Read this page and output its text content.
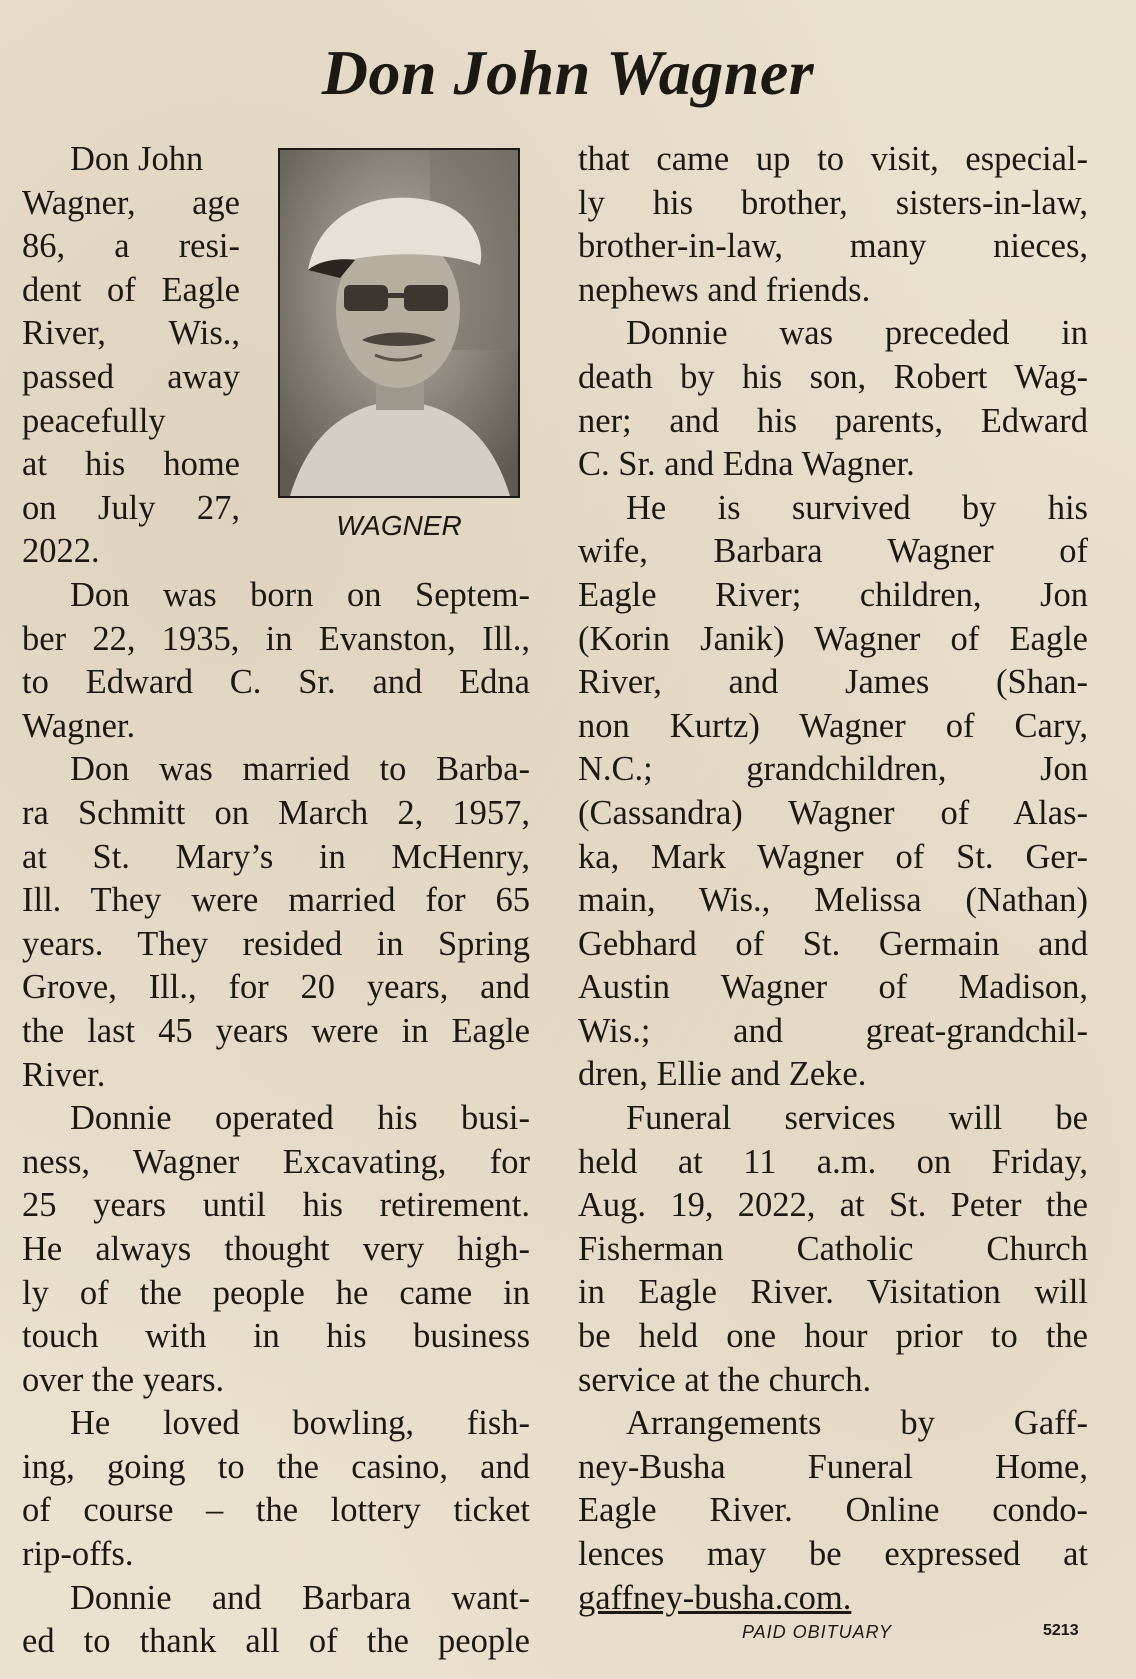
Don John Wagner
Don John
Wagner, age
86, a resi-
dent of Eagle
River, Wis.,
passed away
peacefully
at his home
on July 27,
2022.
WAGNER
Don was born on Septem-
ber 22, 1935, in Evanston, Ill.,
to Edward C. Sr. and Edna
Wagner.
Don was married to Barba-
ra Schmitt on March 2, 1957,
at St. Mary’s in McHenry,
Ill. They were married for 65
years. They resided in Spring
Grove, Ill., for 20 years, and
the last 45 years were in Eagle
River.
Donnie operated his busi-
ness, Wagner Excavating, for
25 years until his retirement.
He always thought very high-
ly of the people he came in
touch with in his business
over the years.
He loved bowling, fish-
ing, going to the casino, and
of course – the lottery ticket
rip-offs.
Donnie and Barbara want-
ed to thank all of the people
that came up to visit, especial-
ly his brother, sisters-in-law,
brother-in-law, many nieces,
nephews and friends.
Donnie was preceded in
death by his son, Robert Wag-
ner; and his parents, Edward
C. Sr. and Edna Wagner.
He is survived by his
wife, Barbara Wagner of
Eagle River; children, Jon
(Korin Janik) Wagner of Eagle
River, and James (Shan-
non Kurtz) Wagner of Cary,
N.C.; grandchildren, Jon
(Cassandra) Wagner of Alas-
ka, Mark Wagner of St. Ger-
main, Wis., Melissa (Nathan)
Gebhard of St. Germain and
Austin Wagner of Madison,
Wis.; and great-grandchil-
dren, Ellie and Zeke.
Funeral services will be
held at 11 a.m. on Friday,
Aug. 19, 2022, at St. Peter the
Fisherman Catholic Church
in Eagle River. Visitation will
be held one hour prior to the
service at the church.
Arrangements by Gaff-
ney-Busha Funeral Home,
Eagle River. Online condo-
lences may be expressed at
gaffney-busha.com.
PAID OBITUARY	5213
